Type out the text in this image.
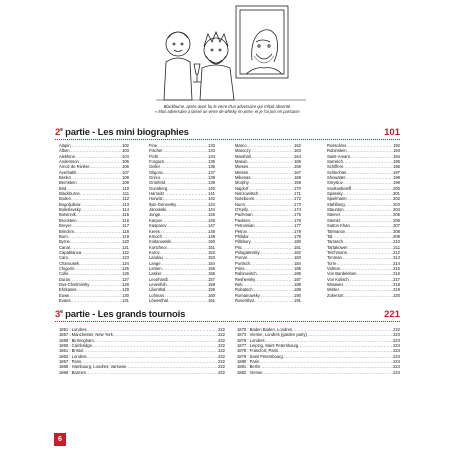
Blackburne, après avoir bu le verre d'un adversaire qui s'était absenté :
« Mon adversaire a laissé un verre de whisky en prise, et je l'ai pris en passant».
2e partie - Les mini biographies	101
Alapin .....	102
Alben .....	103
Alekhine .....	104
Andersson .....	105
Arnoz de Rivière .....	106
Averbakh .....	107
Benkö .....	108
Bernstein .....	109
Bird .....	110
Blackburne .....	111
Boden .....	112
Bogoljubow .....	113
Boleslavsky .....	114
Botvinnik .....	115
Bronstein .....	116
Breyer .....	117
Brinckm .....	118
Burn .....	119
Byrne .....	120
Canal .....	121
Capablanca .....	122
Caro .....	123
Charousek .....	124
Chigorin .....	125
Colle .....	126
Duras .....	127
Dus-Chotimirsky .....	128
Elizkases .....	129
Euwe .....	130
Evans .....	131
Fine .....	132
Fischer .....	133
Flohr .....	134
Forgacs .....	135
Geller .....	136
Gligoric .....	137
Greco .....	138
Grünfeld .....	139
Gunsberg .....	140
Harrwitz .....	141
Horwitz .....	142
Ilyin-Genevsky .....	143
Janowski .....	144
Junge .....	145
Karpov .....	146
Kasparov .....	147
Keres .....	148
Kmoch .....	149
Koltanowski .....	150
Kortchnoi .....	151
Kotov .....	152
Landau .....	153
Lange .....	154
Larsen .....	155
Lasker .....	156
Leonhardt .....	157
Levenfish .....	158
Lilienthal .....	159
Lohman .....	160
Löwenthal .....	161
Marco .....	162
Maroczy .....	163
Marshall .....	164
Mason .....	165
Mieses .....	166
Mieses .....	167
Mikenas .....	168
Morphy .....	169
Najdorf .....	170
Nimzowitsch .....	171
Noteboom .....	172
Nunn .....	173
O'Kelly .....	174
Pachman .....	175
Paulsen .....	176
Petrossian .....	177
Petrov .....	178
Philidor .....	179
Pillsbury .....	180
Pirc .....	181
Polugaïevsky .....	182
Pomar .....	183
Portisch .....	184
Prins .....	185
Rabinovitch .....	186
Reshevsky .....	187
Reti .....	188
Robatsch .....	189
Romanowsky .....	190
Rosenthal .....	191
Rossolimo .....	192
Rubinstein .....	193
Saint-Amant .....	194
Samisch .....	195
Schiffers .....	196
Schlechter .....	197
Showalter .....	198
Smyslov .....	199
Soultanbeieff .....	200
Spassky .....	201
Spielmann .....	202
Stahlberg .....	203
Staunton .....	204
Steiner .....	205
Steinitz .....	206
Sutton Khan .....	207
Taïmanov .....	208
Tal .....	209
Tarrasch .....	210
Tartakower .....	211
Teichmann .....	212
Timman .....	213
Torre .....	214
Vidmar .....	215
Von Bardeleben .....	216
Von Kolisch .....	217
Winawer .....	218
Winter .....	219
Zukertort .....	220
3e partie - Les grands tournois	221
1851 : Londres .....	222
1857 : Manchester, New York .....	222
1858 : Birmingham .....	222
1860 : Cambridge .....	222
1861 : Bristol .....	222
1862 : Londres .....	222
1867 : Paris .....	222
1868 : Hambourg, Londres, Varsovie .....	222
1869 : Barmen .....	222
1870 : Baden Baden, Londres .....	222
1873 : Vienne, Londres (garden party) .....	223
1876 : Londres .....	223
1877 : Leipzig, Saint Petersbourg .....	224
1878 : Francfort, Paris .....	224
1879 : Saint Petersbourg .....	224
1880 : Paris .....	224
1881 : Berlin .....	224
1882 : Vienne .....	224
6
